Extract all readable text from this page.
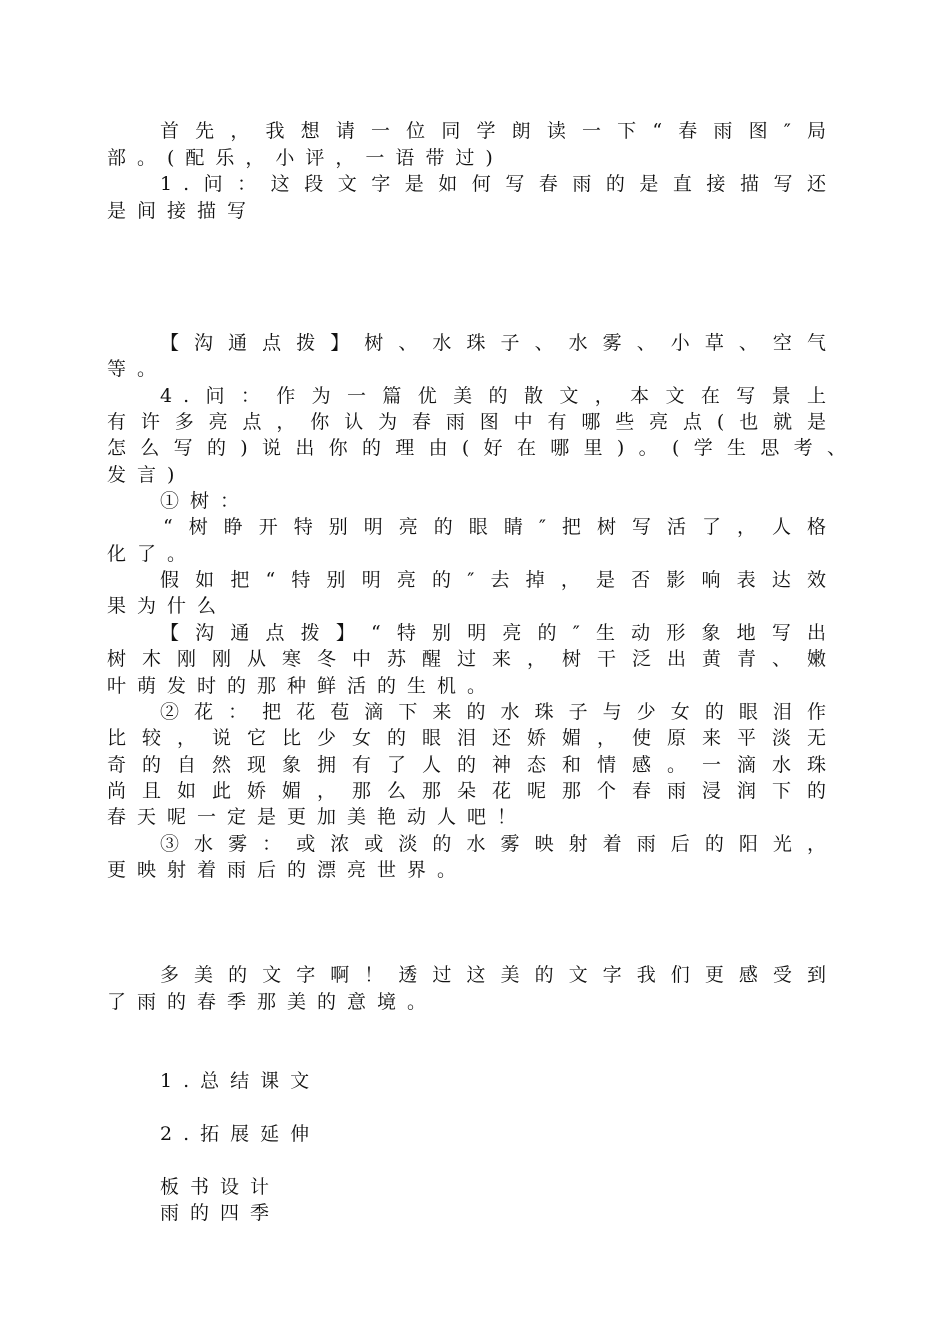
首先，我想请一位同学朗读一下“春雨图″局
部。(配乐，小评，一语带过)
1.问：这段文字是如何写春雨的是直接描写还
是间接描写
【沟通点拨】树、水珠子、水雾、小草、空气
等。
4.问：作为一篇优美的散文，本文在写景上
有许多亮点，你认为春雨图中有哪些亮点(也就是
怎么写的)说出你的理由(好在哪里)。(学生思考、
发言)
①树：
“树睁开特别明亮的眼睛″把树写活了，人格
化了。
假如把“特别明亮的″去掉，是否影响表达效
果为什么
【沟通点拨】“特别明亮的″生动形象地写出
树木刚刚从寒冬中苏醒过来，树干泛出黄青、嫩
叶萌发时的那种鲜活的生机。
②花：把花苞滴下来的水珠子与少女的眼泪作
比较，说它比少女的眼泪还娇媚，使原来平淡无
奇的自然现象拥有了人的神态和情感。一滴水珠
尚且如此娇媚，那么那朵花呢那个春雨浸润下的
春天呢一定是更加美艳动人吧！
③水雾：或浓或淡的水雾映射着雨后的阳光，
更映射着雨后的漂亮世界。
多美的文字啊！透过这美的文字我们更感受到
了雨的春季那美的意境。
1.总结课文
2.拓展延伸
板书设计
雨的四季
